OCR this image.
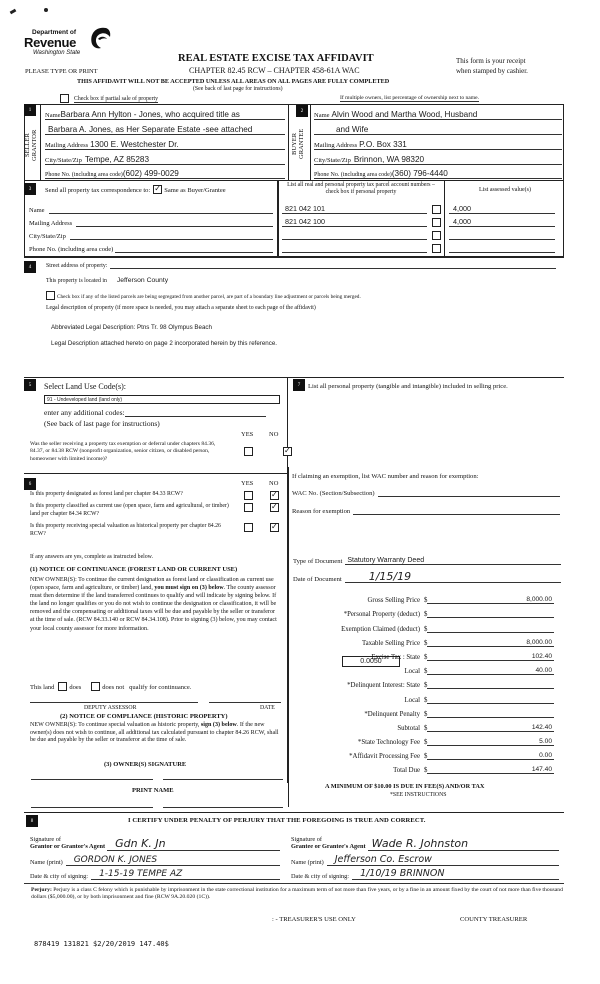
Department of
Revenue
Washington State
PLEASE TYPE OR PRINT
REAL ESTATE EXCISE TAX AFFIDAVIT
CHAPTER 82.45 RCW – CHAPTER 458-61A WAC
This form is your receipt
when stamped by cashier.
THIS AFFIDAVIT WILL NOT BE ACCEPTED UNLESS ALL AREAS ON ALL PAGES ARE FULLY COMPLETED
(See back of last page for instructions)
Check box if partial sale of property	If multiple owners, list percentage of ownership next to name.
1
SELLER GRANTOR
Name Barbara Ann Hylton - Jones, who acquired title as
Barbara A. Jones, as Her Separate Estate -see attached
Mailing Address 1300 E. Westchester Dr.
City/State/Zip Tempe, AZ 85283
Phone No. (including area code) (602) 499-0029
2
BUYER GRANTEE
Name Alvin Wood and Martha Wood, Husband
and Wife
Mailing Address P.O. Box 331
City/State/Zip Brinnon, WA 98320
Phone No. (including area code) (360) 796-4440
3	Send all property tax correspondence to: ✓ Same as Buyer/Grantee
Name
Mailing Address
City/State/Zip
Phone No. (including area code)
List all real and personal property tax parcel account numbers – check box if personal property	List assessed value(s)
821 042 101	4,000
821 042 100	4,000
4	Street address of property:
This property is located in Jefferson County
Check box if any of the listed parcels are being segregated from another parcel, are part of a boundary line adjustment or parcels being merged.
Legal description of property (if more space is needed, you may attach a separate sheet to each page of the affidavit)
Abbreviated Legal Description: Ptns Tr. 98 Olympus Beach
Legal Description attached hereto on page 2 incorporated herein by this reference.
5	Select Land Use Code(s):
91 - Undeveloped land (land only)
enter any additional codes:
(See back of last page for instructions)
YES NO
Was the seller receiving a property tax exemption or deferral under chapters 84.36, 84.37, or 84.38 RCW (nonprofit organization, senior citizen, or disabled person, homeowner with limited income)?
✓
6	YES NO
Is this property designated as forest land per chapter 84.33 RCW?
✓
Is this property classified as current use (open space, farm and agricultural, or timber) land per chapter 84.34 RCW?
✓
Is this property receiving special valuation as historical property per chapter 84.26 RCW?
✓
If any answers are yes, complete as instructed below.
(1) NOTICE OF CONTINUANCE (FOREST LAND OR CURRENT USE)
NEW OWNER(S): To continue the current designation as forest land or classification as current use (open space, farm and agriculture, or timber) land, you must sign on (3) below. The county assessor must then determine if the land transferred continues to qualify and will indicate by signing below. If the land no longer qualifies or you do not wish to continue the designation or classification, it will be removed and the compensating or additional taxes will be due and payable by the seller or transferor at the time of sale. (RCW 84.33.140 or RCW 84.34.108). Prior to signing (3) below, you may contact your local county assessor for more information.
This land does	does not qualify for continuance.
DEPUTY ASSESSOR	DATE
(2) NOTICE OF COMPLIANCE (HISTORIC PROPERTY)
NEW OWNER(S): To continue special valuation as historic property, sign (3) below. If the new owner(s) does not wish to continue, all additional tax calculated pursuant to chapter 84.26 RCW, shall be due and payable by the seller or transferor at the time of sale.
(3) OWNER(S) SIGNATURE
PRINT NAME
7	List all personal property (tangible and intangible) included in selling price.
If claiming an exemption, list WAC number and reason for exemption:
WAC No. (Section/Subsection)
Reason for exemption
Type of Document Statutory Warranty Deed
Date of Document	1/15/19
0.0050
Gross Selling Price $	8,000.00
*Personal Property (deduct) $
Exemption Claimed (deduct) $
Taxable Selling Price $	8,000.00
Excise Tax : State $	102.40
Local $	40.00
*Delinquent Interest: State $
Local $
*Delinquent Penalty $
Subtotal $	142.40
*State Technology Fee $	5.00
*Affidavit Processing Fee $	0.00
Total Due $	147.40
A MINIMUM OF $10.00 IS DUE IN FEE(S) AND/OR TAX
*SEE INSTRUCTIONS
8	I CERTIFY UNDER PENALTY OF PERJURY THAT THE FOREGOING IS TRUE AND CORRECT.
Signature of
Grantor or Grantor's Agent Gdn K. Jn
Name (print)	GORDON K. JONES
Date & city of signing:	1-15-19 TEMPE AZ
Signature of
Grantee or Grantee's Agent Wade R. Johnston
Name (print)	Jefferson Co. Escrow
Date & city of signing:	1/10/19 BRINNON
Perjury: Perjury is a class C felony which is punishable by imprisonment in the state correctional institution for a maximum term of not more than five years, or by a fine in an amount fixed by the court of not more than five thousand dollars ($5,000.00), or by both imprisonment and fine (RCW 9A.20.020 (1C)).
: - TREASURER'S USE ONLY	COUNTY TREASURER
878419 131821 $2/20/2019 147.40$
